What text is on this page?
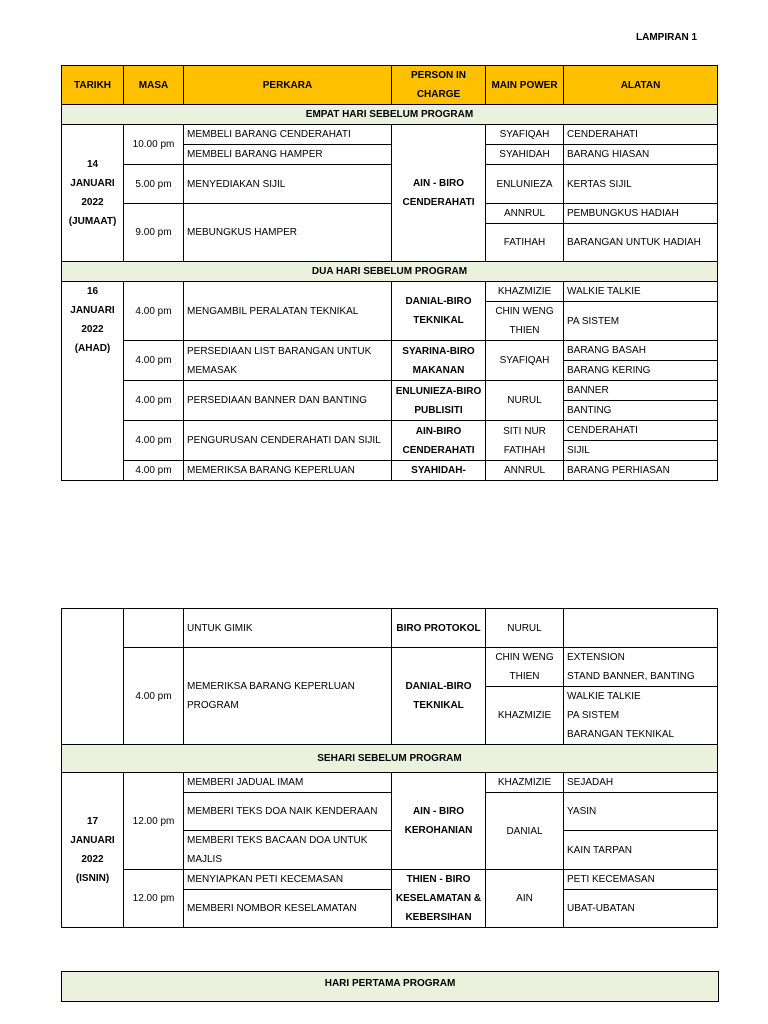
LAMPIRAN 1
TARIKH	MASA	PERKARA	PERSON IN CHARGE	MAIN POWER	ALATAN
EMPAT HARI SEBELUM PROGRAM					
14 JANUARI 2022 (JUMAAT)	10.00 pm	MEMBELI BARANG CENDERAHATI	AIN - BIRO CENDERAHATI	SYAFIQAH	CENDERAHATI
		MEMBELI BARANG HAMPER		SYAHIDAH	BARANG HIASAN
	5.00 pm	MENYEDIAKAN SIJIL		ENLUNIEZA	KERTAS SIJIL
	9.00 pm	MEBUNGKUS HAMPER		ANNRUL	PEMBUNGKUS HADIAH
				FATIHAH	BARANGAN UNTUK HADIAH

DUA HARI SEBELUM PROGRAM					
16 JANUARI 2022 (AHAD)	4.00 pm	MENGAMBIL PERALATAN TEKNIKAL	DANIAL-BIRO TEKNIKAL	KHAZMIZIE	WALKIE TALKIE
				CHIN WENG THIEN	PA SISTEM
	4.00 pm	PERSEDIAAN LIST BARANGAN UNTUK MEMASAK	SYARINA-BIRO MAKANAN	SYAFIQAH	BARANG BASAH
					BARANG KERING
	4.00 pm	PERSEDIAAN BANNER DAN BANTING	ENLUNIEZA-BIRO PUBLISITI	NURUL	BANNER
					BANTING
	4.00 pm	PENGURUSAN CENDERAHATI DAN SIJIL	AIN-BIRO CENDERAHATI	SITI NUR FATIHAH	CENDERAHATI
					SIJIL
	4.00 pm	MEMERIKSA BARANG KEPERLUAN	SYAHIDAH-	ANNRUL	BARANG PERHIASAN
		UNTUK GIMIK	BIRO PROTOKOL	NURUL	
	4.00 pm	MEMERIKSA BARANG KEPERLUAN PROGRAM	DANIAL-BIRO TEKNIKAL	CHIN WENG THIEN	EXTENSION
					STAND BANNER, BANTING
				KHAZMIZIE	WALKIE TALKIE
					PA SISTEM
					BARANGAN TEKNIKAL
SEHARI SEBELUM PROGRAM					
17 JANUARI 2022 (ISNIN)	12.00 pm	MEMBERI JADUAL IMAM	AIN - BIRO KEROHANIAN	KHAZMIZIE	SEJADAH
		MEMBERI TEKS DOA NAIK KENDERAAN		DANIAL	YASIN
		MEMBERI TEKS BACAAN DOA UNTUK MAJLIS			KAIN TARPAN

	12.00 pm	MENYIAPKAN PETI KECEMASAN	THIEN - BIRO KESELAMATAN & KEBERSIHAN	AIN	PETI KECEMASAN
		MEMBERI NOMBOR KESELAMATAN			UBAT-UBATAN

HARI PERTAMA PROGRAM
